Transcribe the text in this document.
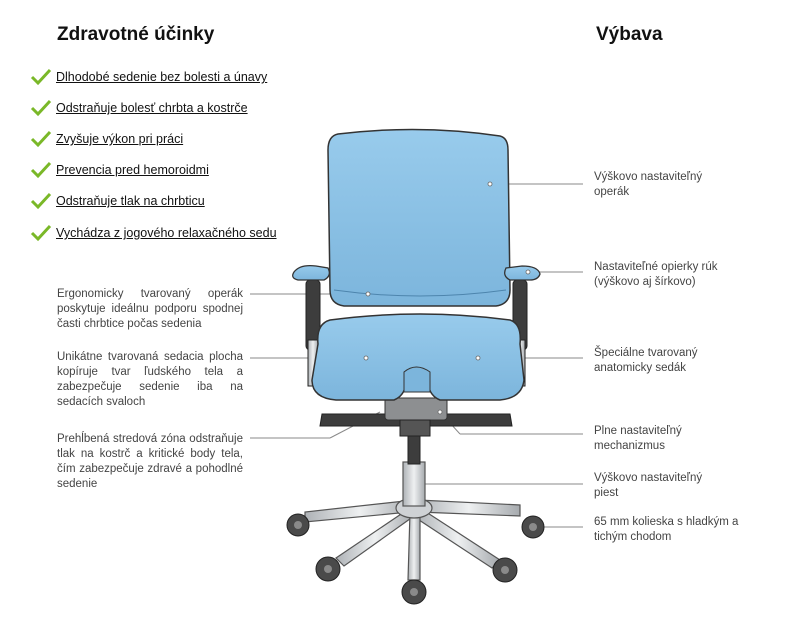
Zdravotné účinky	Výbava
Dlhodobé sedenie bez bolesti a únavy
Odstraňuje bolesť chrbta a kostrče
Zvyšuje výkon pri práci
Prevencia pred hemoroidmi
Odstraňuje tlak na chrbticu
Vychádza z jogového relaxačného sedu
Ergonomicky tvarovaný operák poskytuje ideálnu podporu spodnej časti chrbtice počas sedenia
Unikátne tvarovaná sedacia plocha kopíruje tvar ľudského tela a zabezpečuje sedenie iba na sedacích svaloch
Prehĺbená stredová zóna odstraňuje tlak na kostrč a kritické body tela, čím zabezpečuje zdravé a pohodlné sedenie
Výškovo nastaviteľný operák
Nastaviteľné opierky rúk (výškovo aj šírkovo)
Špeciálne tvarovaný anatomicky sedák
Plne nastaviteľný mechanizmus
Výškovo nastaviteľný piest
65 mm kolieska s hladkým a tichým chodom
